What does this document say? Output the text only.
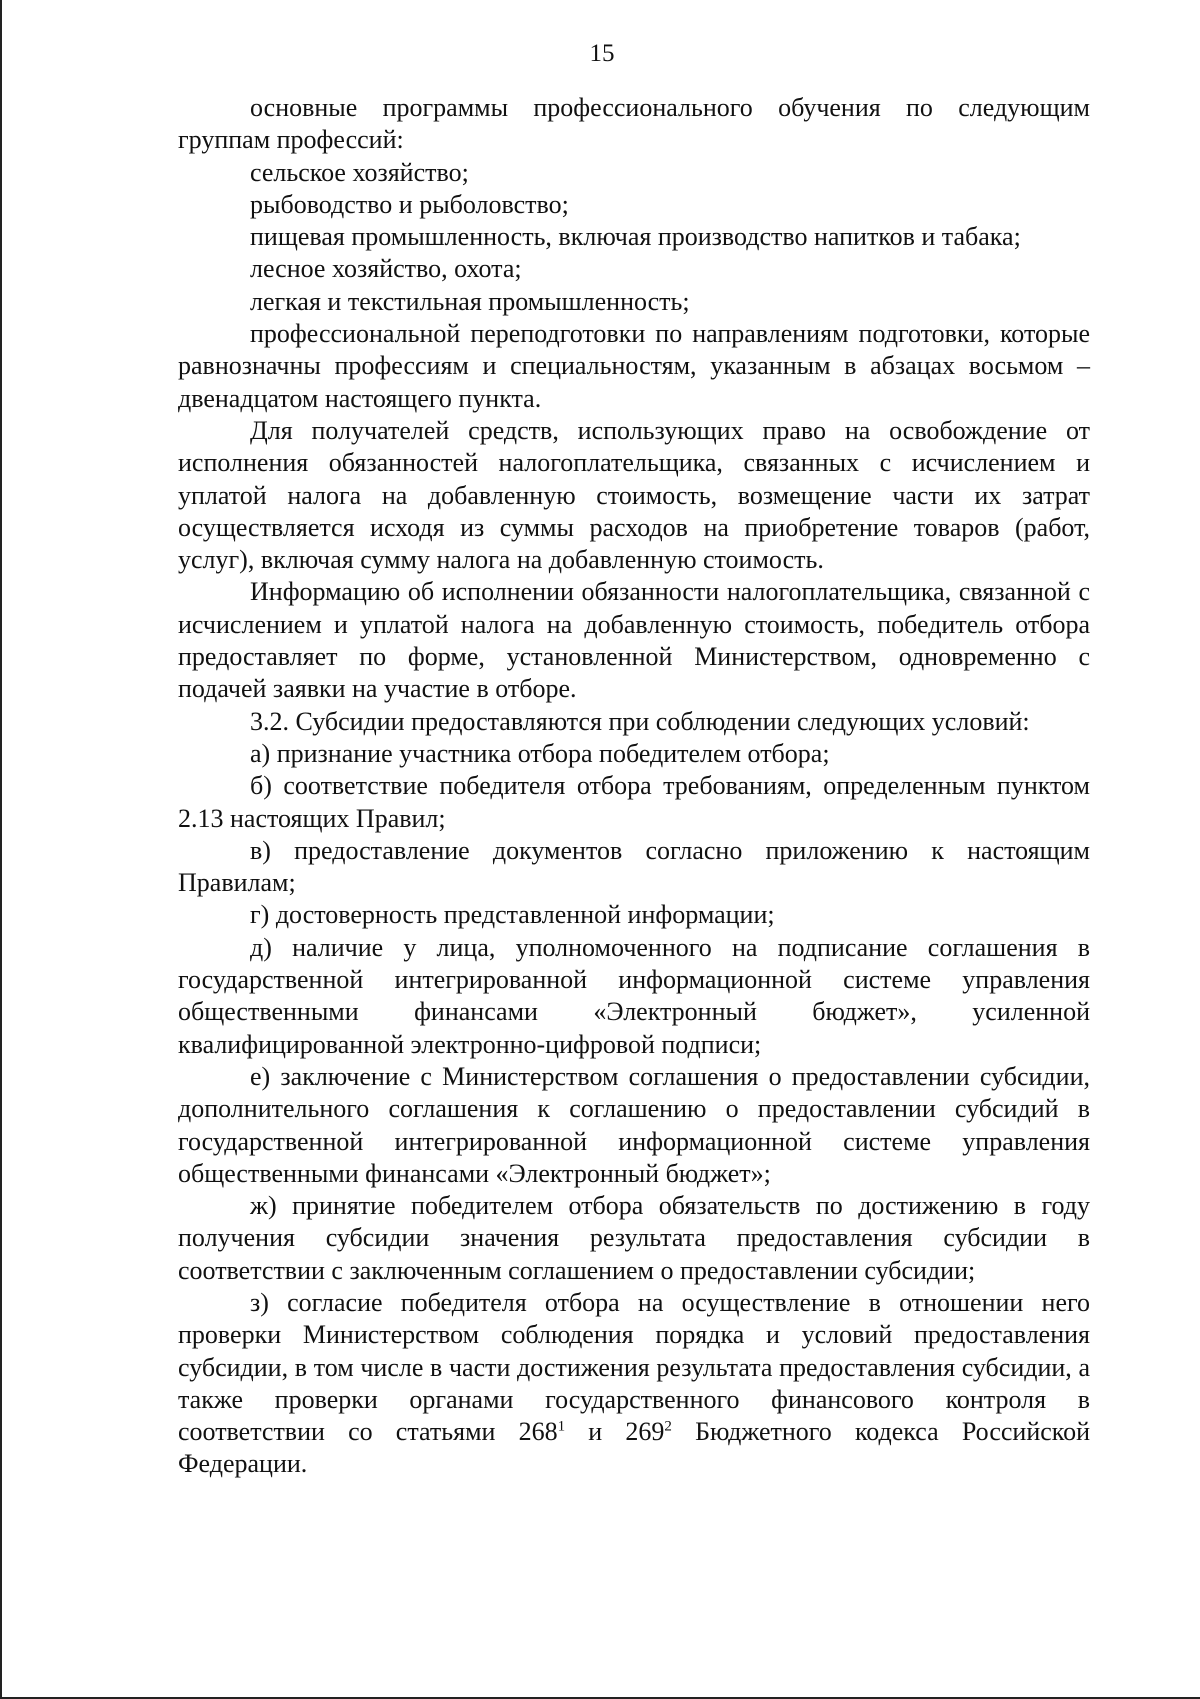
15

основные программы профессионального обучения по следующим группам профессий:

сельское хозяйство;

рыбоводство и рыболовство;

пищевая промышленность, включая производство напитков и табака;

лесное хозяйство, охота;

легкая и текстильная промышленность;

профессиональной переподготовки по направлениям подготовки, которые равнозначны профессиям и специальностям, указанным в абзацах восьмом – двенадцатом настоящего пункта.

Для получателей средств, использующих право на освобождение от исполнения обязанностей налогоплательщика, связанных с исчислением и уплатой налога на добавленную стоимость, возмещение части их затрат осуществляется исходя из суммы расходов на приобретение товаров (работ, услуг), включая сумму налога на добавленную стоимость.

Информацию об исполнении обязанности налогоплательщика, связанной с исчислением и уплатой налога на добавленную стоимость, победитель отбора предоставляет по форме, установленной Министерством, одновременно с подачей заявки на участие в отборе.

3.2. Субсидии предоставляются при соблюдении следующих условий:

а) признание участника отбора победителем отбора;

б) соответствие победителя отбора требованиям, определенным пунктом 2.13 настоящих Правил;

в) предоставление документов согласно приложению к настоящим Правилам;

г) достоверность представленной информации;

д) наличие у лица, уполномоченного на подписание соглашения в государственной интегрированной информационной системе управления общественными финансами «Электронный бюджет», усиленной квалифицированной электронно-цифровой подписи;

е) заключение с Министерством соглашения о предоставлении субсидии, дополнительного соглашения к соглашению о предоставлении субсидий в государственной интегрированной информационной системе управления общественными финансами «Электронный бюджет»;

ж) принятие победителем отбора обязательств по достижению в году получения субсидии значения результата предоставления субсидии в соответствии с заключенным соглашением о предоставлении субсидии;

з) согласие победителя отбора на осуществление в отношении него проверки Министерством соблюдения порядка и условий предоставления субсидии, в том числе в части достижения результата предоставления субсидии, а также проверки органами государственного финансового контроля в соответствии со статьями $268^1$ и $269^2$ Бюджетного кодекса Российской Федерации.
